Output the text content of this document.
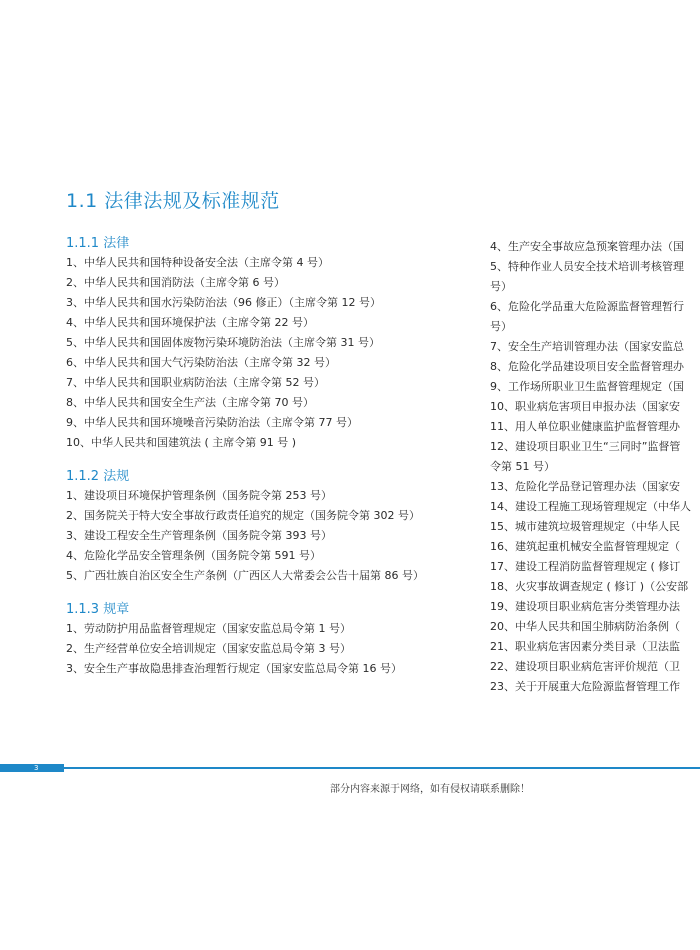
1.1 法律法规及标准规范
1.1.1 法律
1、中华人民共和国特种设备安全法（主席令第 4 号）
2、中华人民共和国消防法（主席令第 6 号）
3、中华人民共和国水污染防治法（96 修正）（主席令第 12 号）
4、中华人民共和国环境保护法（主席令第 22 号）
5、中华人民共和国固体废物污染环境防治法（主席令第 31 号）
6、中华人民共和国大气污染防治法（主席令第 32 号）
7、中华人民共和国职业病防治法（主席令第 52 号）
8、中华人民共和国安全生产法（主席令第 70 号）
9、中华人民共和国环境噪音污染防治法（主席令第 77 号）
10、中华人民共和国建筑法 ( 主席令第 91 号 )
1.1.2 法规
1、建设项目环境保护管理条例（国务院令第 253 号）
2、国务院关于特大安全事故行政责任追究的规定（国务院令第 302 号）
3、建设工程安全生产管理条例（国务院令第 393 号）
4、危险化学品安全管理条例（国务院令第 591 号）
5、广西壮族自治区安全生产条例（广西区人大常委会公告十届第 86 号）
1.1.3 规章
1、劳动防护用品监督管理规定（国家安监总局令第 1 号）
2、生产经营单位安全培训规定（国家安监总局令第 3 号）
3、安全生产事故隐患排查治理暂行规定（国家安监总局令第 16 号）
4、生产安全事故应急预案管理办法（国
5、特种作业人员安全技术培训考核管理
号）
6、危险化学品重大危险源监督管理暂行
号）
7、安全生产培训管理办法（国家安监总
8、危险化学品建设项目安全监督管理办
9、工作场所职业卫生监督管理规定（国
10、职业病危害项目申报办法（国家安
11、用人单位职业健康监护监督管理办
12、建设项目职业卫生“三同时”监督管
令第 51 号）
13、危险化学品登记管理办法（国家安
14、建设工程施工现场管理规定（中华人
15、城市建筑垃圾管理规定（中华人民
16、建筑起重机械安全监督管理规定（
17、建设工程消防监督管理规定 ( 修订
18、火灾事故调查规定 ( 修订 )（公安部
19、建设项目职业病危害分类管理办法
20、中华人民共和国尘肺病防治条例（
21、职业病危害因素分类目录（卫法监
22、建设项目职业病危害评价规范（卫
23、关于开展重大危险源监督管理工作
3
部分内容来源于网络，如有侵权请联系删除！
